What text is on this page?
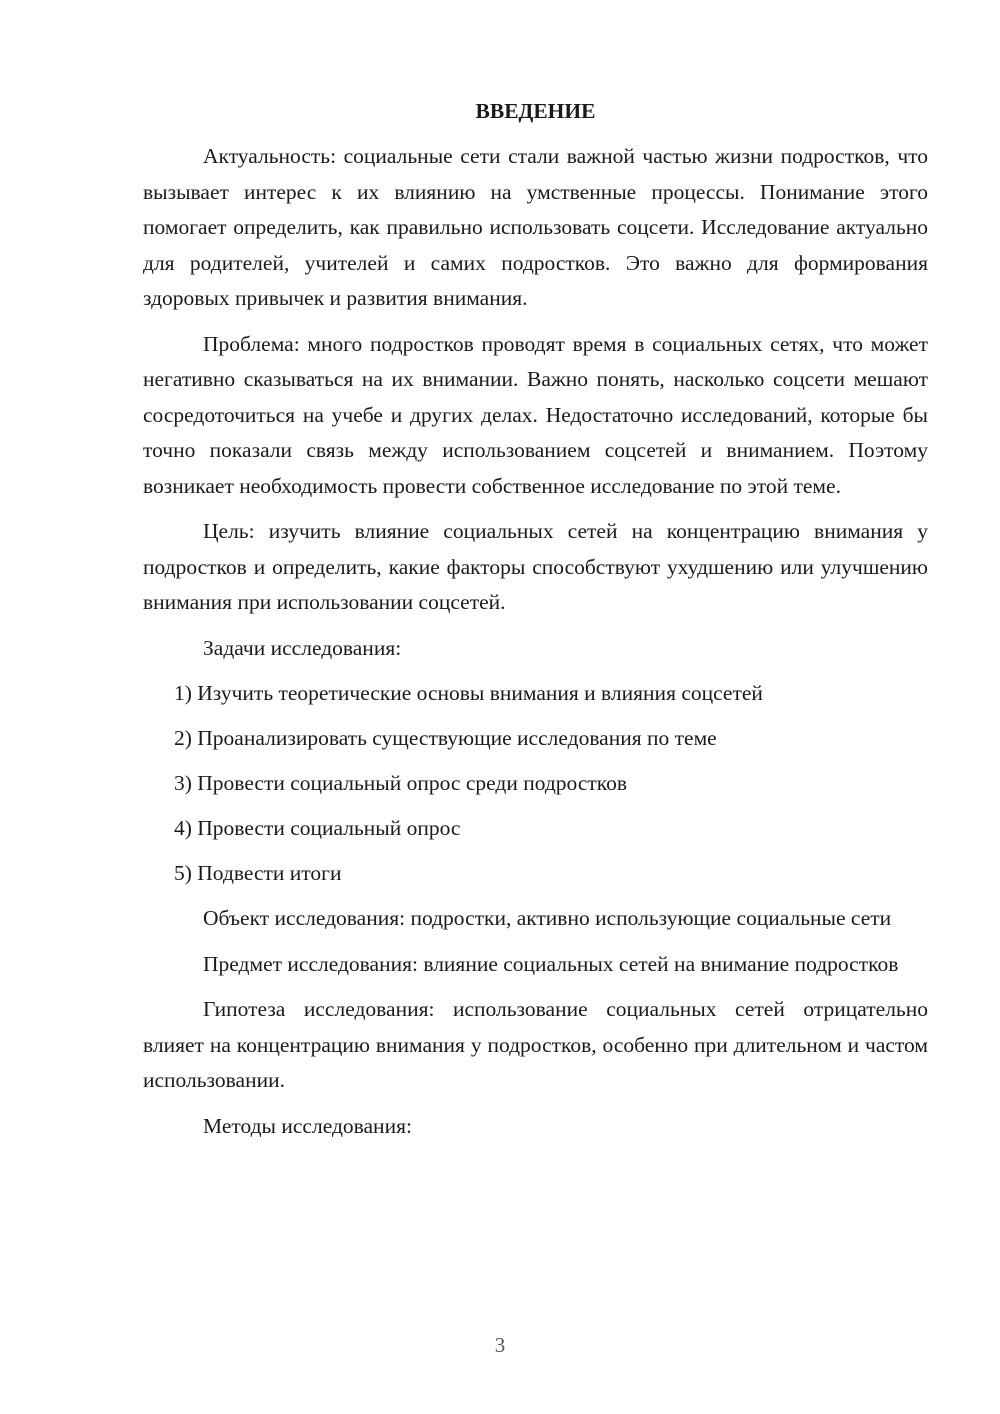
ВВЕДЕНИЕ

Актуальность: социальные сети стали важной частью жизни подростков, что вызывает интерес к их влиянию на умственные процессы. Понимание этого помогает определить, как правильно использовать соцсети. Исследование актуально для родителей, учителей и самих подростков. Это важно для формирования здоровых привычек и развития внимания.

Проблема: много подростков проводят время в социальных сетях, что может негативно сказываться на их внимании. Важно понять, насколько соцсети мешают сосредоточиться на учебе и других делах. Недостаточно исследований, которые бы точно показали связь между использованием соцсетей и вниманием. Поэтому возникает необходимость провести собственное исследование по этой теме.

Цель: изучить влияние социальных сетей на концентрацию внимания у подростков и определить, какие факторы способствуют ухудшению или улучшению внимания при использовании соцсетей.

Задачи исследования:

1) Изучить теоретические основы внимания и влияния соцсетей
2) Проанализировать существующие исследования по теме
3) Провести социальный опрос среди подростков
4) Провести социальный опрос
5) Подвести итоги

Объект исследования: подростки, активно использующие социальные сети

Предмет исследования: влияние социальных сетей на внимание подростков

Гипотеза исследования: использование социальных сетей отрицательно влияет на концентрацию внимания у подростков, особенно при длительном и частом использовании.

Методы исследования:

3
